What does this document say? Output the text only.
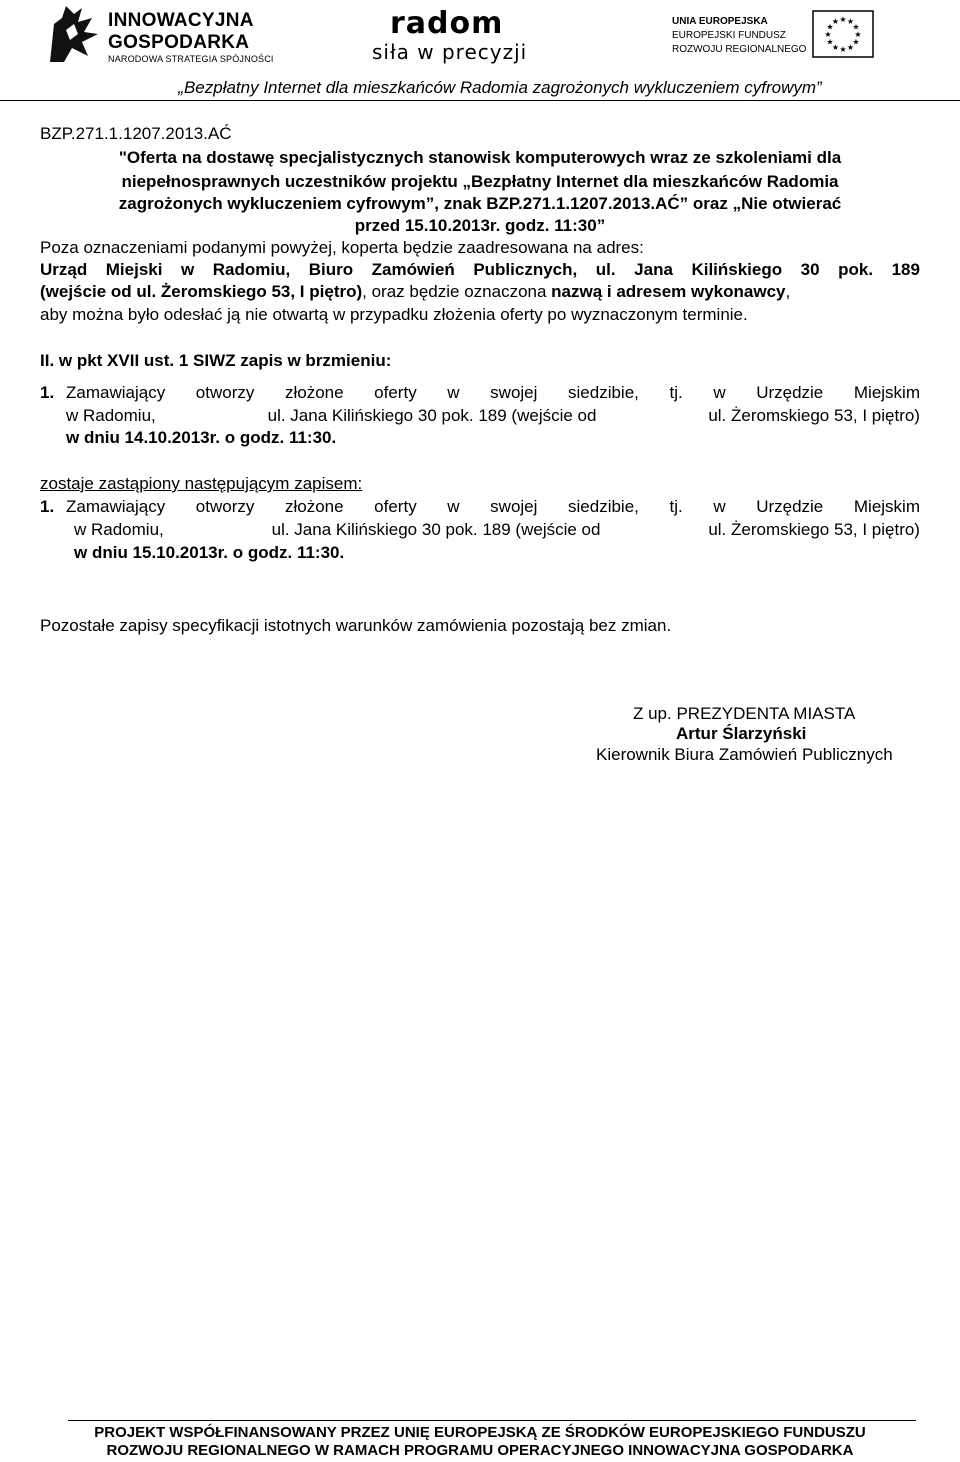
INNOWACYJNA
GOSPODARKA
NARODOWA STRATEGIA SPÓJNOŚCI
radom
siła w precyzji
UNIA EUROPEJSKA
EUROPEJSKI FUNDUSZ
ROZWOJU REGIONALNEGO
★
★
★
★
★
★
★
★
★ ★ ★
★
„Bezpłatny Internet dla mieszkańców Radomia zagrożonych wykluczeniem cyfrowym”
BZP.271.1.1207.2013.AĆ
"Oferta na dostawę specjalistycznych stanowisk komputerowych wraz ze szkoleniami dla
niepełnosprawnych uczestników projektu „Bezpłatny Internet dla mieszkańców Radomia
zagrożonych wykluczeniem cyfrowym”, znak BZP.271.1.1207.2013.AĆ” oraz „Nie otwierać
przed 15.10.2013r. godz. 11:30”
Poza oznaczeniami podanymi powyżej, koperta będzie zaadresowana na adres:
Urząd Miejski w Radomiu, Biuro Zamówień Publicznych, ul. Jana Kilińskiego 30 pok. 189
(wejście od ul. Żeromskiego 53, I piętro), oraz będzie oznaczona nazwą i adresem wykonawcy,
aby można było odesłać ją nie otwartą w przypadku złożenia oferty po wyznaczonym terminie.
II. w pkt XVII ust. 1 SIWZ zapis w brzmieniu:
1. Zamawiający otworzy złożone oferty w swojej siedzibie, tj. w Urzędzie Miejskim
w Radomiu,	ul. Jana Kilińskiego 30 pok. 189 (wejście od	ul. Żeromskiego 53, I piętro)
w dniu 14.10.2013r. o godz. 11:30.
zostaje zastąpiony następującym zapisem:
1. Zamawiający otworzy złożone oferty w swojej siedzibie, tj. w Urzędzie Miejskim
w Radomiu,	ul. Jana Kilińskiego 30 pok. 189 (wejście od	ul. Żeromskiego 53, I piętro)
w dniu 15.10.2013r. o godz. 11:30.
Pozostałe zapisy specyfikacji istotnych warunków zamówienia pozostają bez zmian.
Z up. PREZYDENTA MIASTA
Artur Ślarzyński
Kierownik Biura Zamówień Publicznych
PROJEKT WSPÓŁFINANSOWANY PRZEZ UNIĘ EUROPEJSKĄ ZE ŚRODKÓW EUROPEJSKIEGO FUNDUSZU
ROZWOJU REGIONALNEGO W RAMACH PROGRAMU OPERACYJNEGO INNOWACYJNA GOSPODARKA
